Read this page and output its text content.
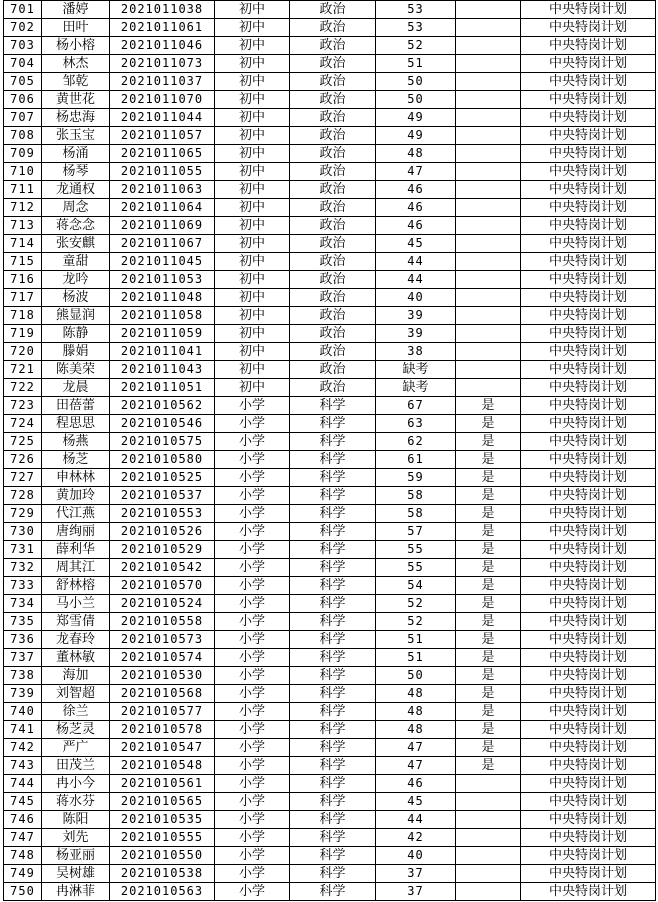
701	潘婷	2021011038	初中	政治	53		中央特岗计划
702	田叶	2021011061	初中	政治	53		中央特岗计划
703	杨小榕	2021011046	初中	政治	52		中央特岗计划
704	林杰	2021011073	初中	政治	51		中央特岗计划
705	邹乾	2021011037	初中	政治	50		中央特岗计划
706	黄世花	2021011070	初中	政治	50		中央特岗计划
707	杨忠海	2021011044	初中	政治	49		中央特岗计划
708	张玉宝	2021011057	初中	政治	49		中央特岗计划
709	杨涌	2021011065	初中	政治	48		中央特岗计划
710	杨琴	2021011055	初中	政治	47		中央特岗计划
711	龙通权	2021011063	初中	政治	46		中央特岗计划
712	周念	2021011064	初中	政治	46		中央特岗计划
713	蒋念念	2021011069	初中	政治	46		中央特岗计划
714	张安麒	2021011067	初中	政治	45		中央特岗计划
715	童甜	2021011045	初中	政治	44		中央特岗计划
716	龙吟	2021011053	初中	政治	44		中央特岗计划
717	杨波	2021011048	初中	政治	40		中央特岗计划
718	熊显润	2021011058	初中	政治	39		中央特岗计划
719	陈静	2021011059	初中	政治	39		中央特岗计划
720	滕娟	2021011041	初中	政治	38		中央特岗计划
721	陈美荣	2021011043	初中	政治	缺考		中央特岗计划
722	龙晨	2021011051	初中	政治	缺考		中央特岗计划
723	田蓓蕾	2021010562	小学	科学	67	是	中央特岗计划
724	程思思	2021010546	小学	科学	63	是	中央特岗计划
725	杨燕	2021010575	小学	科学	62	是	中央特岗计划
726	杨芝	2021010580	小学	科学	61	是	中央特岗计划
727	申林林	2021010525	小学	科学	59	是	中央特岗计划
728	黄加玲	2021010537	小学	科学	58	是	中央特岗计划
729	代江燕	2021010553	小学	科学	58	是	中央特岗计划
730	唐绚丽	2021010526	小学	科学	57	是	中央特岗计划
731	薛利华	2021010529	小学	科学	55	是	中央特岗计划
732	周其江	2021010542	小学	科学	55	是	中央特岗计划
733	舒林榕	2021010570	小学	科学	54	是	中央特岗计划
734	马小兰	2021010524	小学	科学	52	是	中央特岗计划
735	郑雪倩	2021010558	小学	科学	52	是	中央特岗计划
736	龙春玲	2021010573	小学	科学	51	是	中央特岗计划
737	董林敏	2021010574	小学	科学	51	是	中央特岗计划
738	海加	2021010530	小学	科学	50	是	中央特岗计划
739	刘智超	2021010568	小学	科学	48	是	中央特岗计划
740	徐兰	2021010577	小学	科学	48	是	中央特岗计划
741	杨芝灵	2021010578	小学	科学	48	是	中央特岗计划
742	严广	2021010547	小学	科学	47	是	中央特岗计划
743	田茂兰	2021010548	小学	科学	47	是	中央特岗计划
744	冉小今	2021010561	小学	科学	46		中央特岗计划
745	蒋水芬	2021010565	小学	科学	45		中央特岗计划
746	陈阳	2021010535	小学	科学	44		中央特岗计划
747	刘先	2021010555	小学	科学	42		中央特岗计划
748	杨亚丽	2021010550	小学	科学	40		中央特岗计划
749	吴树雄	2021010538	小学	科学	37		中央特岗计划
750	冉淋菲	2021010563	小学	科学	37		中央特岗计划
